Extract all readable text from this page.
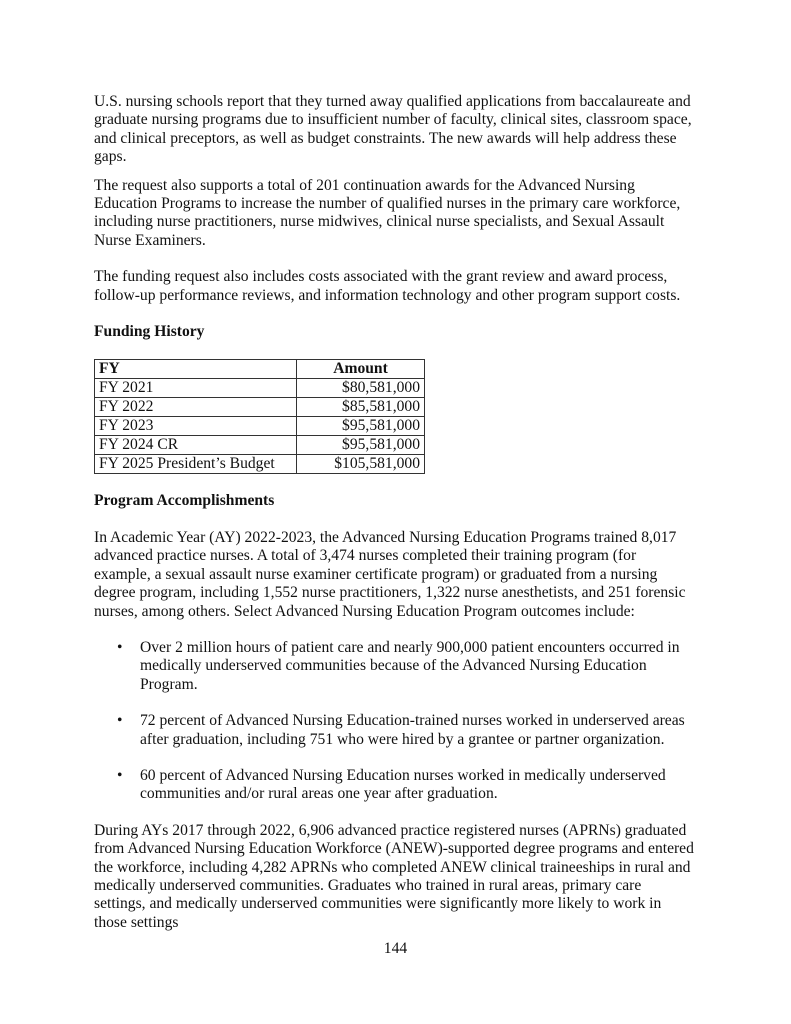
U.S. nursing schools report that they turned away qualified applications from baccalaureate and graduate nursing programs due to insufficient number of faculty, clinical sites, classroom space, and clinical preceptors, as well as budget constraints. The new awards will help address these gaps.

The request also supports a total of 201 continuation awards for the Advanced Nursing Education Programs to increase the number of qualified nurses in the primary care workforce, including nurse practitioners, nurse midwives, clinical nurse specialists, and Sexual Assault Nurse Examiners.

The funding request also includes costs associated with the grant review and award process, follow-up performance reviews, and information technology and other program support costs.

Funding History

FY	Amount
FY 2021	$80,581,000
FY 2022	$85,581,000
FY 2023	$95,581,000
FY 2024 CR	$95,581,000
FY 2025 President’s Budget	$105,581,000

Program Accomplishments

In Academic Year (AY) 2022-2023, the Advanced Nursing Education Programs trained 8,017 advanced practice nurses. A total of 3,474 nurses completed their training program (for example, a sexual assault nurse examiner certificate program) or graduated from a nursing degree program, including 1,552 nurse practitioners, 1,322 nurse anesthetists, and 251 forensic nurses, among others. Select Advanced Nursing Education Program outcomes include:

• Over 2 million hours of patient care and nearly 900,000 patient encounters occurred in medically underserved communities because of the Advanced Nursing Education Program.
• 72 percent of Advanced Nursing Education-trained nurses worked in underserved areas after graduation, including 751 who were hired by a grantee or partner organization.
• 60 percent of Advanced Nursing Education nurses worked in medically underserved communities and/or rural areas one year after graduation.

During AYs 2017 through 2022, 6,906 advanced practice registered nurses (APRNs) graduated from Advanced Nursing Education Workforce (ANEW)-supported degree programs and entered the workforce, including 4,282 APRNs who completed ANEW clinical traineeships in rural and medically underserved communities. Graduates who trained in rural areas, primary care settings, and medically underserved communities were significantly more likely to work in those settings

144
